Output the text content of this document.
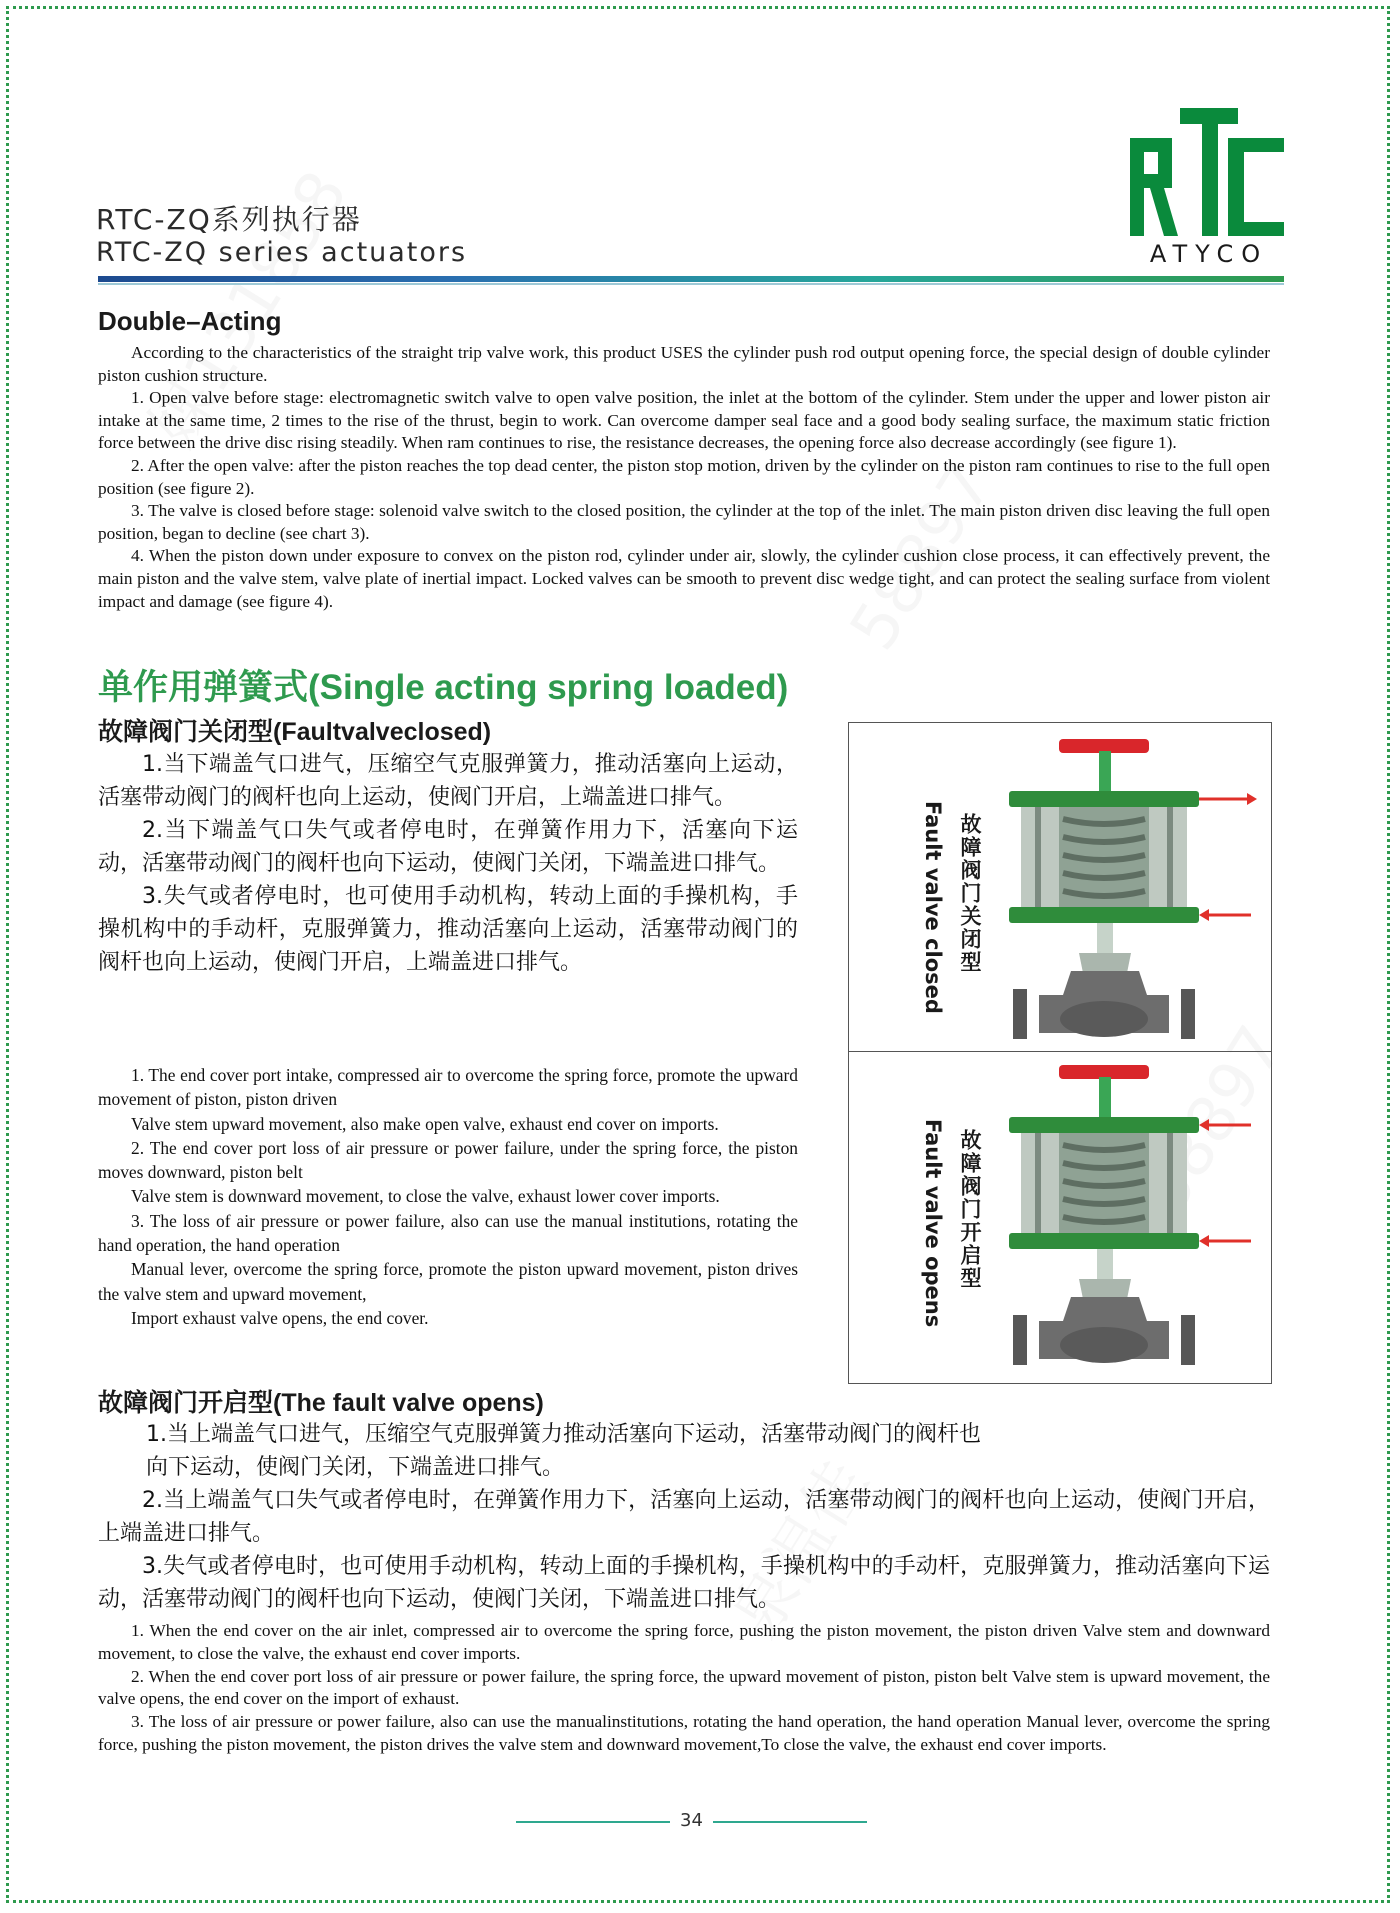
RTC-ZQ系列执行器
RTC-ZQ series actuators	ATYCO
Double–Acting

According to the characteristics of the straight trip valve work, this product USES the cylinder push rod output opening force, the special design of double cylinder piston cushion structure.

1. Open valve before stage: electromagnetic switch valve to open valve position, the inlet at the bottom of the cylinder. Stem under the upper and lower piston air intake at the same time, 2 times to the rise of the thrust, begin to work. Can overcome damper seal face and a good body sealing surface, the maximum static friction force between the drive disc rising steadily. When ram continues to rise, the resistance decreases, the opening force also decrease accordingly (see figure 1).

2. After the open valve: after the piston reaches the top dead center, the piston stop motion, driven by the cylinder on the piston ram continues to rise to the full open position (see figure 2).

3. The valve is closed before stage: solenoid valve switch to the closed position, the cylinder at the top of the inlet. The main piston driven disc leaving the full open position, began to decline (see chart 3).

4. When the piston down under exposure to convex on the piston rod, cylinder under air, slowly, the cylinder cushion close process, it can effectively prevent, the main piston and the valve stem, valve plate of inertial impact. Locked valves can be smooth to prevent disc wedge tight, and can protect the sealing surface from violent impact and damage (see figure 4).

单作用弹簧式(Single acting spring loaded)
故障阀门关闭型(Faultvalveclosed)

1.当下端盖气口进气，压缩空气克服弹簧力，推动活塞向上运动，活塞带动阀门的阀杆也向上运动，使阀门开启，上端盖进口排气。

2.当下端盖气口失气或者停电时，在弹簧作用力下，活塞向下运动，活塞带动阀门的阀杆也向下运动，使阀门关闭，下端盖进口排气。

3.失气或者停电时，也可使用手动机构，转动上面的手操机构，手操机构中的手动杆，克服弹簧力，推动活塞向上运动，活塞带动阀门的阀杆也向上运动，使阀门开启，上端盖进口排气。

1. The end cover port intake, compressed air to overcome the spring force, promote the upward movement of piston, piston driven

Valve stem upward movement, also make open valve, exhaust end cover on imports.

2. The end cover port loss of air pressure or power failure, under the spring force, the piston moves downward, piston belt

Valve stem is downward movement, to close the valve, exhaust lower cover imports.

3. The loss of air pressure or power failure, also can use the manual institutions, rotating the hand operation, the hand operation

Manual lever, overcome the spring force, promote the piston upward movement, piston drives the valve stem and upward movement,

Import exhaust valve opens, the end cover.

Fault valve closed 故障阀门关闭型
Fault valve opens 故障阀门开启型
故障阀门开启型(The fault valve opens)

1.当上端盖气口进气，压缩空气克服弹簧力推动活塞向下运动，活塞带动阀门的阀杆也

向下运动，使阀门关闭，下端盖进口排气。

2.当上端盖气口失气或者停电时，在弹簧作用力下，活塞向上运动，活塞带动阀门的阀杆也向上运动，使阀门开启，上端盖进口排气。

3.失气或者停电时，也可使用手动机构，转动上面的手操机构，手操机构中的手动杆，克服弹簧力，推动活塞向下运动，活塞带动阀门的阀杆也向下运动，使阀门关闭，下端盖进口排气。

1. When the end cover on the air inlet, compressed air to overcome the spring force, pushing the piston movement, the piston driven Valve stem and downward movement, to close the valve, the exhaust end cover imports.

2. When the end cover port loss of air pressure or power failure, the spring force, the upward movement of piston, piston belt Valve stem is upward movement, the valve opens, the end cover on the import of exhaust.

3. The loss of air pressure or power failure, also can use the manualinstitutions, rotating the hand operation, the hand operation Manual lever, overcome the spring force, pushing the piston movement, the piston drives the valve stem and downward movement,To close the valve, the exhaust end cover imports.

34
